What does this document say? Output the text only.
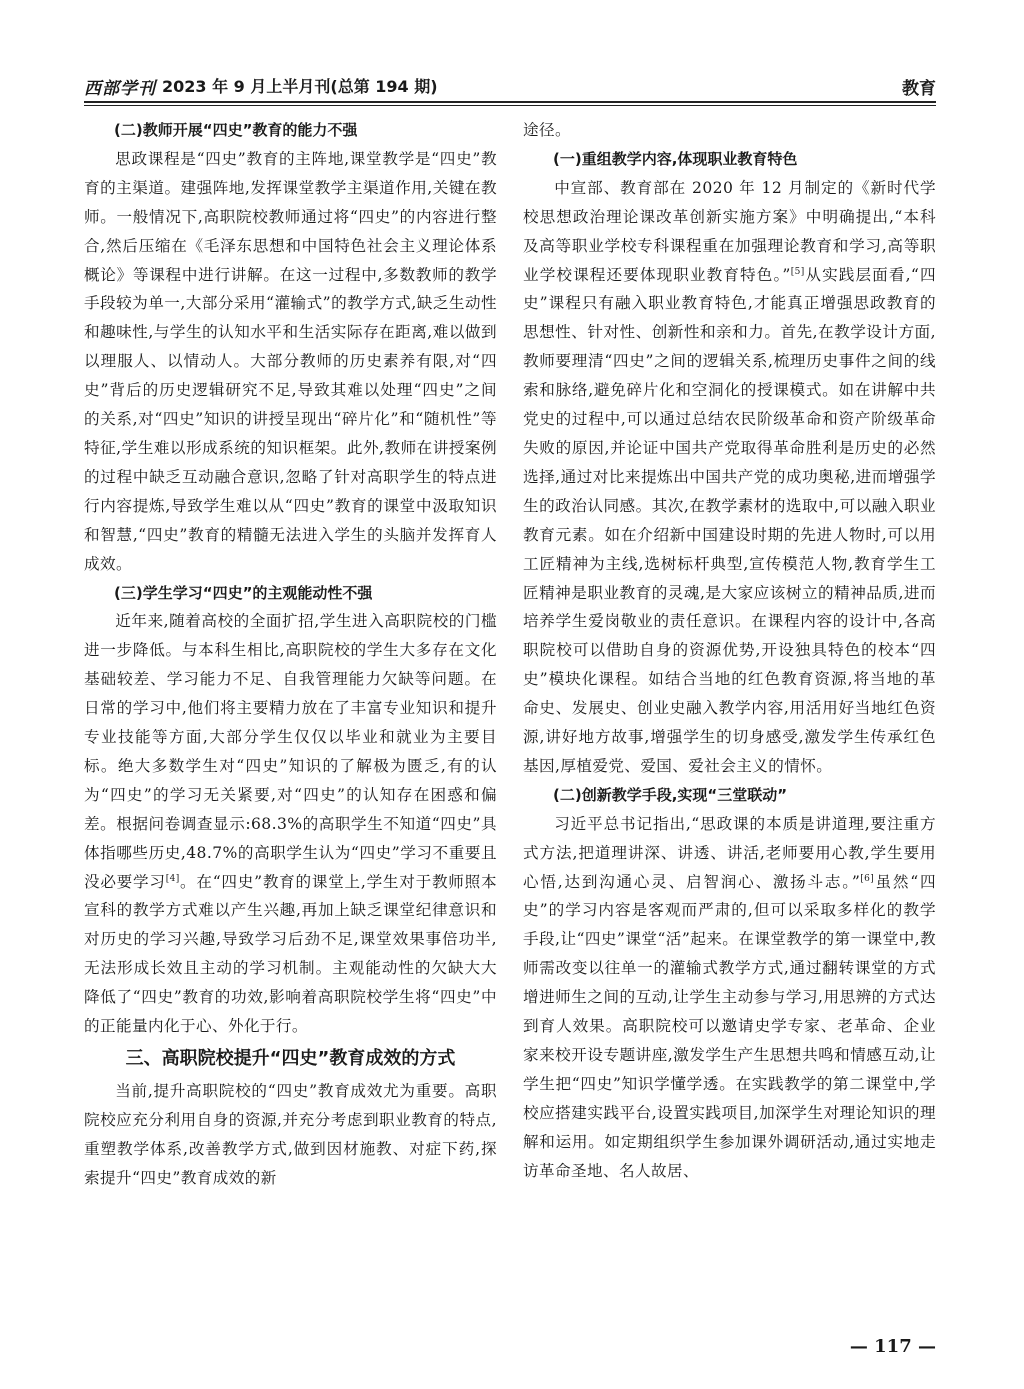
西部学刊 2023 年 9 月上半月刊(总第 194 期)	教育

(二)教师开展“四史”教育的能力不强

思政课程是“四史”教育的主阵地,课堂教学是“四史”教育的主渠道。建强阵地,发挥课堂教学主渠道作用,关键在教师。一般情况下,高职院校教师通过将“四史”的内容进行整合,然后压缩在《毛泽东思想和中国特色社会主义理论体系概论》等课程中进行讲解。在这一过程中,多数教师的教学手段较为单一,大部分采用“灌输式”的教学方式,缺乏生动性和趣味性,与学生的认知水平和生活实际存在距离,难以做到以理服人、以情动人。大部分教师的历史素养有限,对“四史”背后的历史逻辑研究不足,导致其难以处理“四史”之间的关系,对“四史”知识的讲授呈现出“碎片化”和“随机性”等特征,学生难以形成系统的知识框架。此外,教师在讲授案例的过程中缺乏互动融合意识,忽略了针对高职学生的特点进行内容提炼,导致学生难以从“四史”教育的课堂中汲取知识和智慧,“四史”教育的精髓无法进入学生的头脑并发挥育人成效。

(三)学生学习“四史”的主观能动性不强

近年来,随着高校的全面扩招,学生进入高职院校的门槛进一步降低。与本科生相比,高职院校的学生大多存在文化基础较差、学习能力不足、自我管理能力欠缺等问题。在日常的学习中,他们将主要精力放在了丰富专业知识和提升专业技能等方面,大部分学生仅仅以毕业和就业为主要目标。绝大多数学生对“四史”知识的了解极为匮乏,有的认为“四史”的学习无关紧要,对“四史”的认知存在困惑和偏差。根据问卷调查显示:68.3%的高职学生不知道“四史”具体指哪些历史,48.7%的高职学生认为“四史”学习不重要且没必要学习[4]。在“四史”教育的课堂上,学生对于教师照本宣科的教学方式难以产生兴趣,再加上缺乏课堂纪律意识和对历史的学习兴趣,导致学习后劲不足,课堂效果事倍功半,无法形成长效且主动的学习机制。主观能动性的欠缺大大降低了“四史”教育的功效,影响着高职院校学生将“四史”中的正能量内化于心、外化于行。

三、高职院校提升“四史”教育成效的方式

当前,提升高职院校的“四史”教育成效尤为重要。高职院校应充分利用自身的资源,并充分考虑到职业教育的特点,重塑教学体系,改善教学方式,做到因材施教、对症下药,探索提升“四史”教育成效的新

途径。

(一)重组教学内容,体现职业教育特色

中宣部、教育部在 2020 年 12 月制定的《新时代学校思想政治理论课改革创新实施方案》中明确提出,“本科及高等职业学校专科课程重在加强理论教育和学习,高等职业学校课程还要体现职业教育特色。”[5]从实践层面看,“四史”课程只有融入职业教育特色,才能真正增强思政教育的思想性、针对性、创新性和亲和力。首先,在教学设计方面,教师要理清“四史”之间的逻辑关系,梳理历史事件之间的线索和脉络,避免碎片化和空洞化的授课模式。如在讲解中共党史的过程中,可以通过总结农民阶级革命和资产阶级革命失败的原因,并论证中国共产党取得革命胜利是历史的必然选择,通过对比来提炼出中国共产党的成功奥秘,进而增强学生的政治认同感。其次,在教学素材的选取中,可以融入职业教育元素。如在介绍新中国建设时期的先进人物时,可以用工匠精神为主线,选树标杆典型,宣传模范人物,教育学生工匠精神是职业教育的灵魂,是大家应该树立的精神品质,进而培养学生爱岗敬业的责任意识。在课程内容的设计中,各高职院校可以借助自身的资源优势,开设独具特色的校本“四史”模块化课程。如结合当地的红色教育资源,将当地的革命史、发展史、创业史融入教学内容,用活用好当地红色资源,讲好地方故事,增强学生的切身感受,激发学生传承红色基因,厚植爱党、爱国、爱社会主义的情怀。

(二)创新教学手段,实现“三堂联动”

习近平总书记指出,“思政课的本质是讲道理,要注重方式方法,把道理讲深、讲透、讲活,老师要用心教,学生要用心悟,达到沟通心灵、启智润心、激扬斗志。”[6]虽然“四史”的学习内容是客观而严肃的,但可以采取多样化的教学手段,让“四史”课堂“活”起来。在课堂教学的第一课堂中,教师需改变以往单一的灌输式教学方式,通过翻转课堂的方式增进师生之间的互动,让学生主动参与学习,用思辨的方式达到育人效果。高职院校可以邀请史学专家、老革命、企业家来校开设专题讲座,激发学生产生思想共鸣和情感互动,让学生把“四史”知识学懂学透。在实践教学的第二课堂中,学校应搭建实践平台,设置实践项目,加深学生对理论知识的理解和运用。如定期组织学生参加课外调研活动,通过实地走访革命圣地、名人故居、

— 117 —
